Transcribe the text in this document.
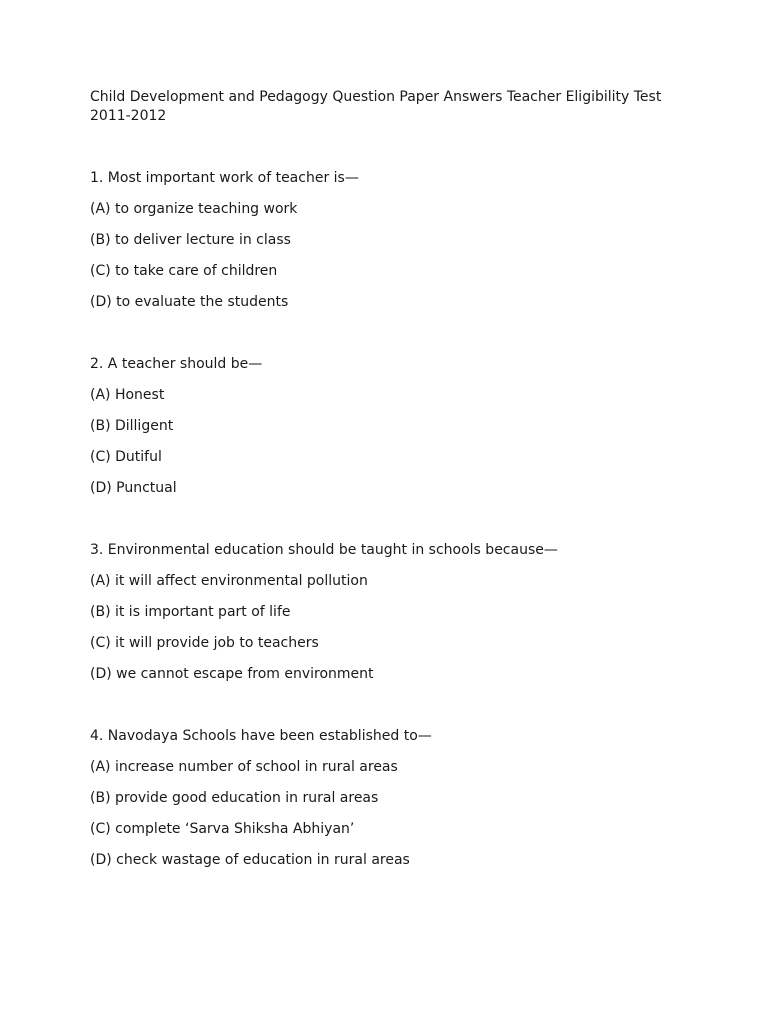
Child Development and Pedagogy Question Paper Answers Teacher Eligibility Test 2011-2012

1. Most important work of teacher is—

(A) to organize teaching work

(B) to deliver lecture in class

(C) to take care of children

(D) to evaluate the students

2. A teacher should be—

(A) Honest

(B) Dilligent

(C) Dutiful

(D) Punctual

3. Environmental education should be taught in schools because—

(A) it will affect environmental pollution

(B) it is important part of life

(C) it will provide job to teachers

(D) we cannot escape from environment

4. Navodaya Schools have been established to—

(A) increase number of school in rural areas

(B) provide good education in rural areas

(C) complete ‘Sarva Shiksha Abhiyan’

(D) check wastage of education in rural areas
